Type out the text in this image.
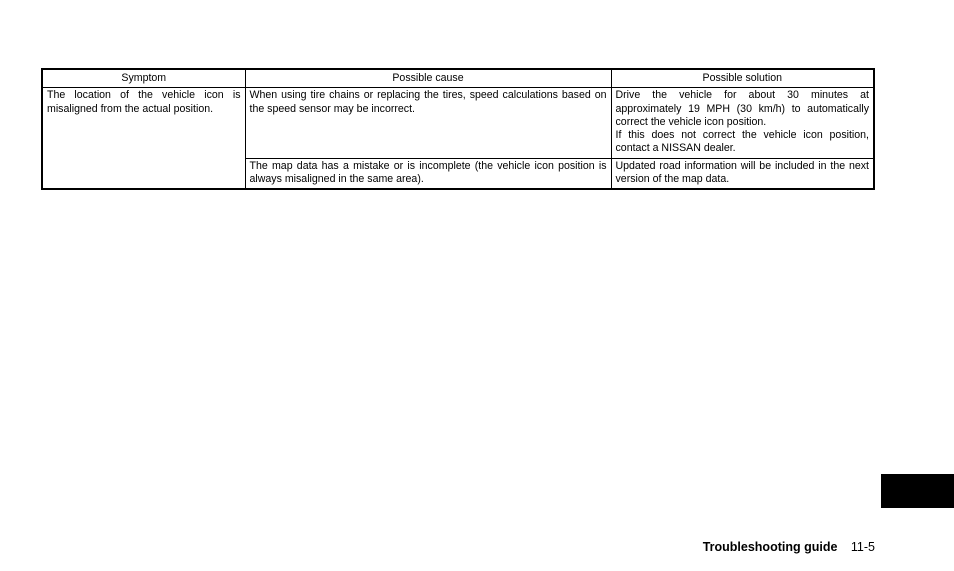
Symptom	Possible cause	Possible solution
The location of the vehicle icon is misaligned from the actual position.	When using tire chains or replacing the tires, speed calculations based on the speed sensor may be incorrect.	Drive the vehicle for about 30 minutes at approximately 19 MPH (30 km/h) to automatically correct the vehicle icon position.

If this does not correct the vehicle icon position, contact a NISSAN dealer.

	The map data has a mistake or is incomplete (the vehicle icon position is always misaligned in the same area).	Updated road information will be included in the next version of the map data.

Troubleshooting guide 11-5
